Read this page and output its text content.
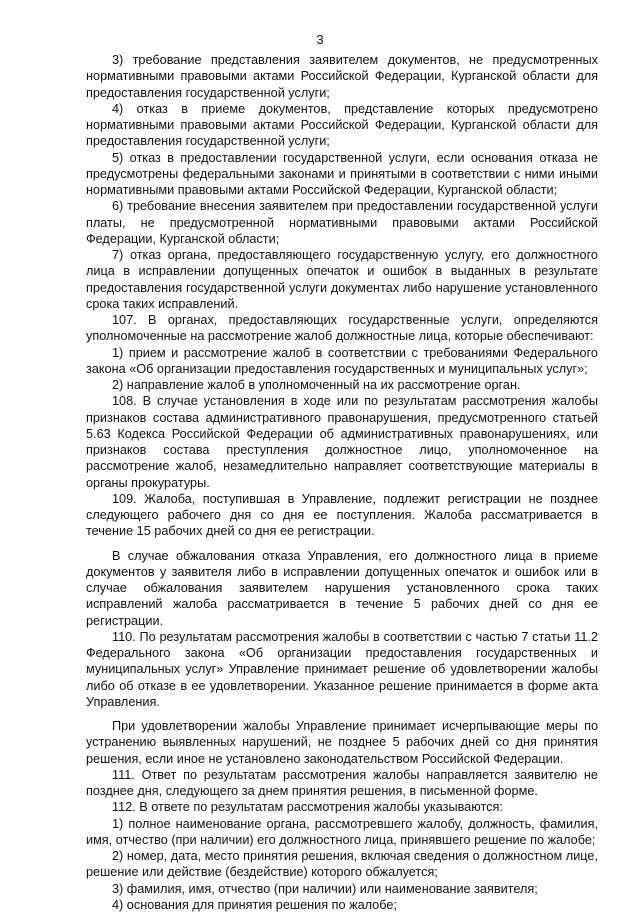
3

3) требование представления заявителем документов, не предусмотренных нормативными правовыми актами Российской Федерации, Курганской области для предоставления государственной услуги;

4) отказ в приеме документов, представление которых предусмотрено нормативными правовыми актами Российской Федерации, Курганской области для предоставления государственной услуги;

5) отказ в предоставлении государственной услуги, если основания отказа не предусмотрены федеральными законами и принятыми в соответствии с ними иными нормативными правовыми актами Российской Федерации, Курганской области;

6) требование внесения заявителем при предоставлении государственной услуги платы, не предусмотренной нормативными правовыми актами Российской Федерации, Курганской области;

7) отказ органа, предоставляющего государственную услугу, его должностного лица в исправлении допущенных опечаток и ошибок в выданных в результате предоставления государственной услуги документах либо нарушение установленного срока таких исправлений.

107. В органах, предоставляющих государственные услуги, определяются уполномоченные на рассмотрение жалоб должностные лица, которые обеспечивают:

1) прием и рассмотрение жалоб в соответствии с требованиями Федерального закона «Об организации предоставления государственных и муниципальных услуг»;

2) направление жалоб в уполномоченный на их рассмотрение орган.

108. В случае установления в ходе или по результатам рассмотрения жалобы признаков состава административного правонарушения, предусмотренного статьей 5.63 Кодекса Российской Федерации об административных правонарушениях, или признаков состава преступления должностное лицо, уполномоченное на рассмотрение жалоб, незамедлительно направляет соответствующие материалы в органы прокуратуры.

109. Жалоба, поступившая в Управление, подлежит регистрации не позднее следующего рабочего дня со дня ее поступления. Жалоба рассматривается в течение 15 рабочих дней со дня ее регистрации.

В случае обжалования отказа Управления, его должностного лица в приеме документов у заявителя либо в исправлении допущенных опечаток и ошибок или в случае обжалования заявителем нарушения установленного срока таких исправлений жалоба рассматривается в течение 5 рабочих дней со дня ее регистрации.

110. По результатам рассмотрения жалобы в соответствии с частью 7 статьи 11.2 Федерального закона «Об организации предоставления государственных и муниципальных услуг» Управление принимает решение об удовлетворении жалобы либо об отказе в ее удовлетворении. Указанное решение принимается в форме акта Управления.

При удовлетворении жалобы Управление принимает исчерпывающие меры по устранению выявленных нарушений, не позднее 5 рабочих дней со дня принятия решения, если иное не установлено законодательством Российской Федерации.

111. Ответ по результатам рассмотрения жалобы направляется заявителю не позднее дня, следующего за днем принятия решения, в письменной форме.

112. В ответе по результатам рассмотрения жалобы указываются:

1) полное наименование органа, рассмотревшего жалобу, должность, фамилия, имя, отчество (при наличии) его должностного лица, принявшего решение по жалобе;

2) номер, дата, место принятия решения, включая сведения о должностном лице, решение или действие (бездействие) которого обжалуется;

3) фамилия, имя, отчество (при наличии) или наименование заявителя;

4) основания для принятия решения по жалобе;
